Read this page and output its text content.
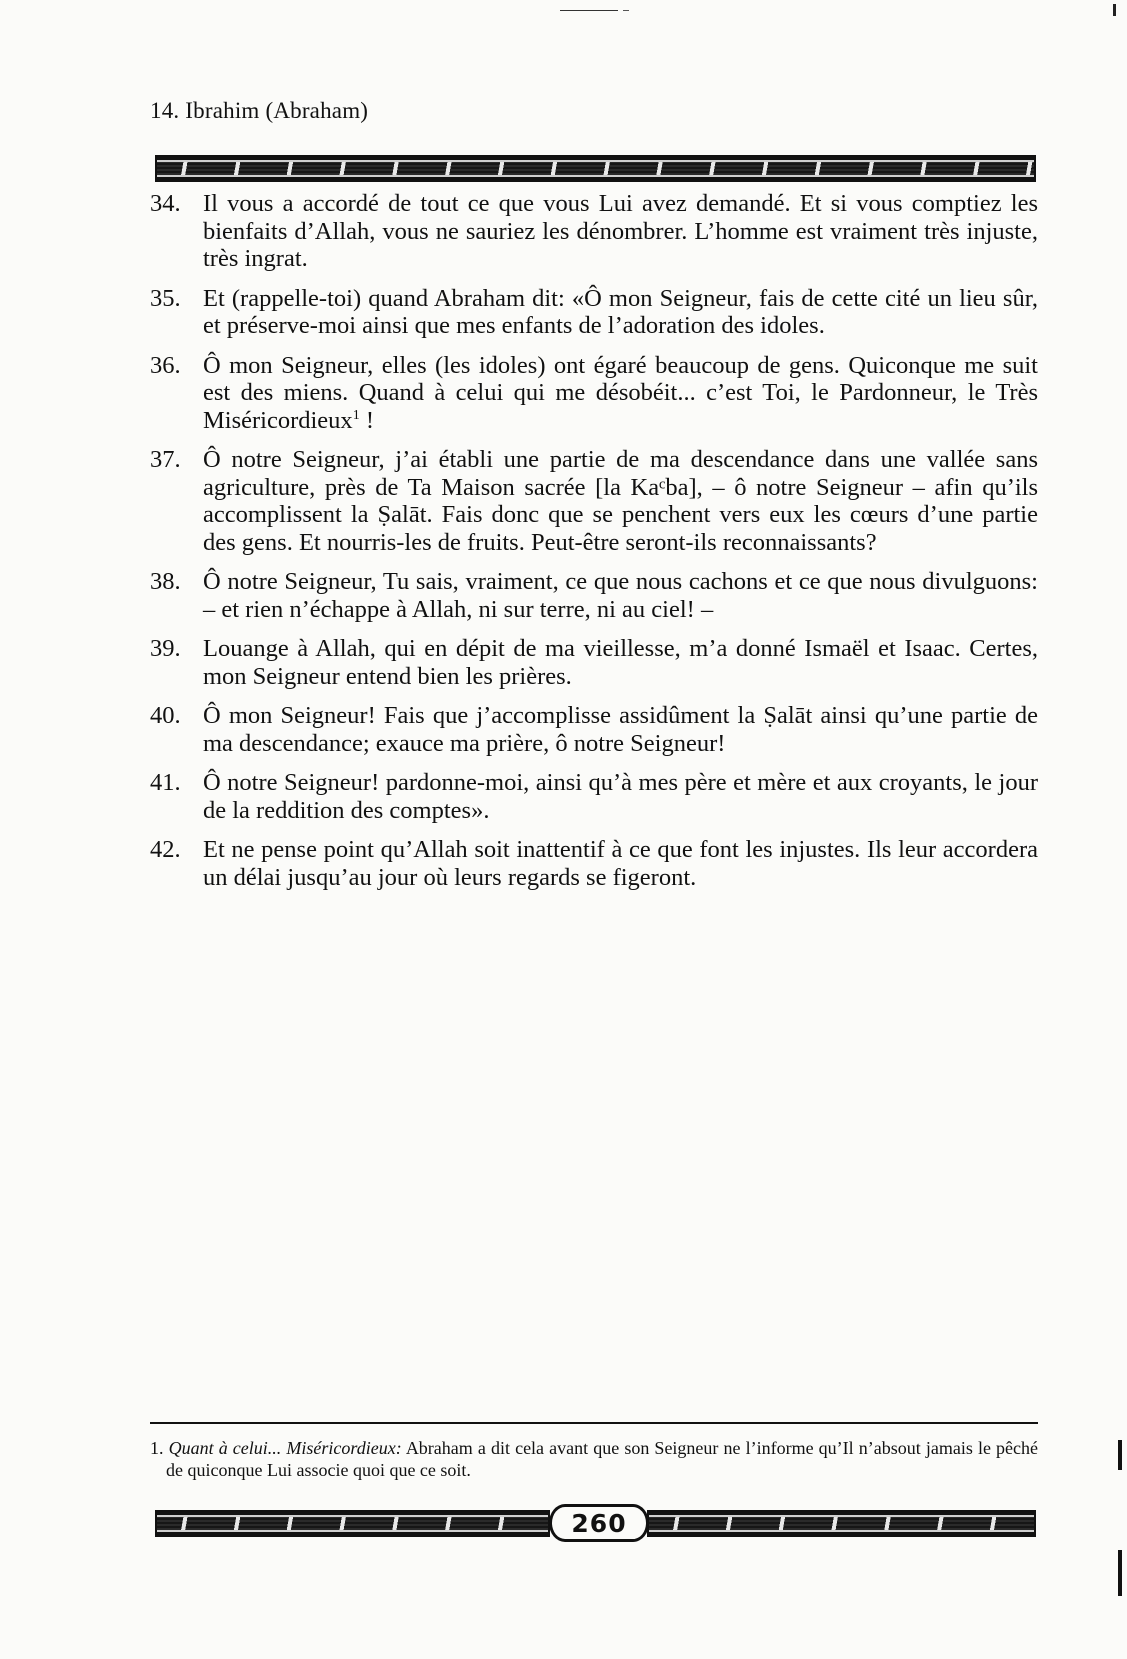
14. Ibrahim (Abraham)
34. Il vous a accordé de tout ce que vous Lui avez demandé. Et si vous comptiez les bienfaits d’Allah, vous ne sauriez les dénombrer. L’homme est vraiment très injuste, très ingrat.
35. Et (rappelle-toi) quand Abraham dit: «Ô mon Seigneur, fais de cette cité un lieu sûr, et préserve-moi ainsi que mes enfants de l’adoration des idoles.
36. Ô mon Seigneur, elles (les idoles) ont égaré beaucoup de gens. Quiconque me suit est des miens. Quand à celui qui me désobéit... c’est Toi, le Pardonneur, le Très Miséricordieux$^1$ !
37. Ô notre Seigneur, j’ai établi une partie de ma descendance dans une vallée sans agriculture, près de Ta Maison sacrée [la Kaᶜba], – ô notre Seigneur – afin qu’ils accomplissent la Ṣalāt. Fais donc que se penchent vers eux les cœurs d’une partie des gens. Et nourris-les de fruits. Peut-être seront-ils reconnaissants?
38. Ô notre Seigneur, Tu sais, vraiment, ce que nous cachons et ce que nous divulguons: – et rien n’échappe à Allah, ni sur terre, ni au ciel! –
39. Louange à Allah, qui en dépit de ma vieillesse, m’a donné Ismaël et Isaac. Certes, mon Seigneur entend bien les prières.
40. Ô mon Seigneur! Fais que j’accomplisse assidûment la Ṣalāt ainsi qu’une partie de ma descendance; exauce ma prière, ô notre Seigneur!
41. Ô notre Seigneur! pardonne-moi, ainsi qu’à mes père et mère et aux croyants, le jour de la reddition des comptes».
42. Et ne pense point qu’Allah soit inattentif à ce que font les injustes. Ils leur accordera un délai jusqu’au jour où leurs regards se figeront.
1. Quant à celui... Miséricordieux: Abraham a dit cela avant que son Seigneur ne l’informe qu’Il n’absout jamais le pêché de quiconque Lui associe quoi que ce soit.
260
